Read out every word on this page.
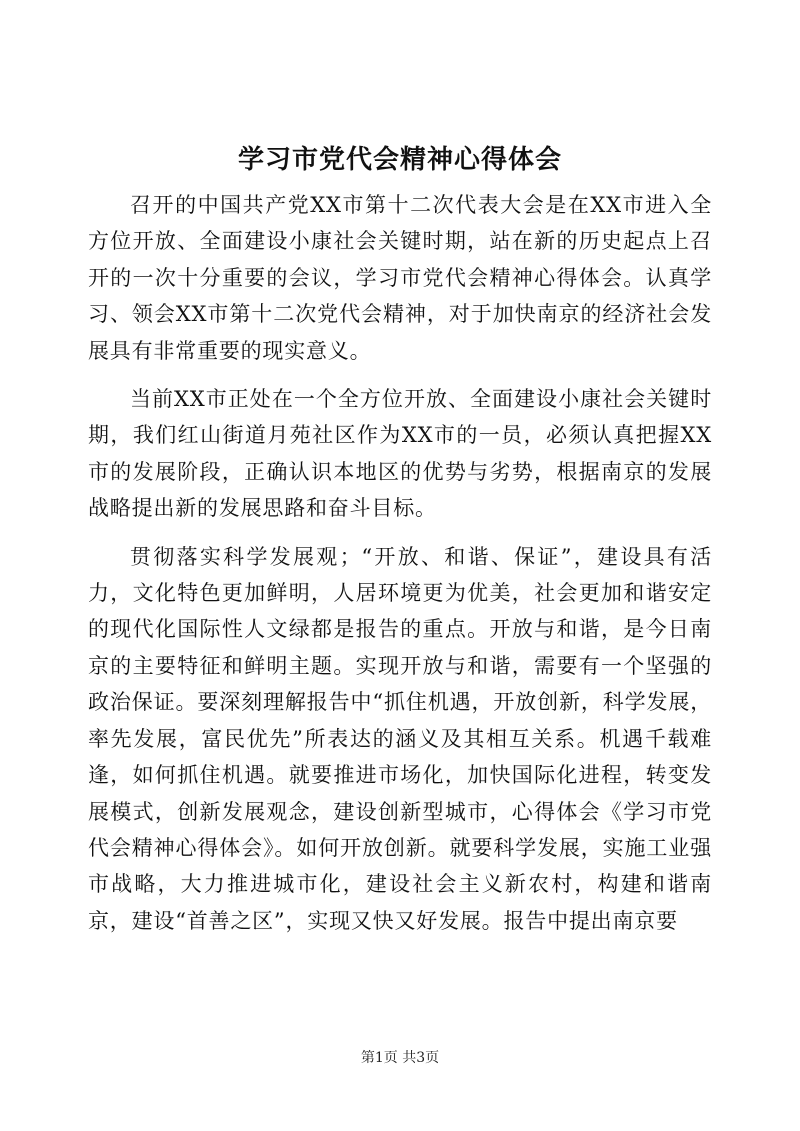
学习市党代会精神心得体会

召开的中国共产党XX市第十二次代表大会是在XX市进入全方位开放、全面建设小康社会关键时期，站在新的历史起点上召开的一次十分重要的会议，学习市党代会精神心得体会。认真学习、领会XX市第十二次党代会精神，对于加快南京的经济社会发展具有非常重要的现实意义。

当前XX市正处在一个全方位开放、全面建设小康社会关键时期，我们红山街道月苑社区作为XX市的一员，必须认真把握XX市的发展阶段，正确认识本地区的优势与劣势，根据南京的发展战略提出新的发展思路和奋斗目标。

贯彻落实科学发展观；“开放、和谐、保证”，建设具有活力，文化特色更加鲜明，人居环境更为优美，社会更加和谐安定的现代化国际性人文绿都是报告的重点。开放与和谐，是今日南京的主要特征和鲜明主题。实现开放与和谐，需要有一个坚强的政治保证。要深刻理解报告中“抓住机遇，开放创新，科学发展，率先发展，富民优先”所表达的涵义及其相互关系。机遇千载难逢，如何抓住机遇。就要推进市场化，加快国际化进程，转变发展模式，创新发展观念，建设创新型城市，心得体会《学习市党代会精神心得体会》。如何开放创新。就要科学发展，实施工业强市战略，大力推进城市化，建设社会主义新农村，构建和谐南京，建设“首善之区”，实现又快又好发展。报告中提出南京要

第1页 共3页
